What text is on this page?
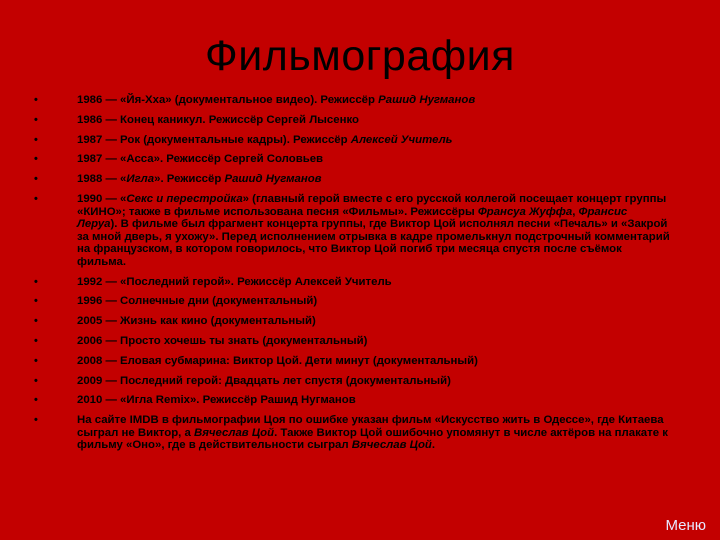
Фильмография
•	1986 — «Йя-Хха» (документальное видео). Режиссёр Рашид Нугманов
•	1986 — Конец каникул. Режиссёр Сергей Лысенко
•	1987 — Рок (документальные кадры). Режиссёр Алексей Учитель
•	1987 — «Асса». Режиссёр Сергей Соловьев
•	1988 — «Игла». Режиссёр Рашид Нугманов
•	1990 — «Секс и перестройка» (главный герой вместе с его русской коллегой посещает концерт группы «КИНО»; также в фильме использована песня «Фильмы». Режиссёры Франсуа Жуффа, Франсис Леруа). В фильме был фрагмент концерта группы, где Виктор Цой исполнял песни «Печаль» и «Закрой за мной дверь, я ухожу». Перед исполнением отрывка в кадре промелькнул подстрочный комментарий на французском, в котором говорилось, что Виктор Цой погиб три месяца спустя после съёмок фильма.
•	1992 — «Последний герой». Режиссёр Алексей Учитель
•	1996 — Солнечные дни (документальный)
•	2005 — Жизнь как кино (документальный)
•	2006 — Просто хочешь ты знать (документальный)
•	2008 — Еловая субмарина: Виктор Цой. Дети минут (документальный)
•	2009 — Последний герой: Двадцать лет спустя (документальный)
•	2010 — «Игла Remix». Режиссёр Рашид Нугманов
•	На сайте IMDB в фильмографии Цоя по ошибке указан фильм «Искусство жить в Одессе», где Китаева сыграл не Виктор, а Вячеслав Цой. Также Виктор Цой ошибочно упомянут в числе актёров на плакате к фильму «Оно», где в действительности сыграл Вячеслав Цой.
Меню
